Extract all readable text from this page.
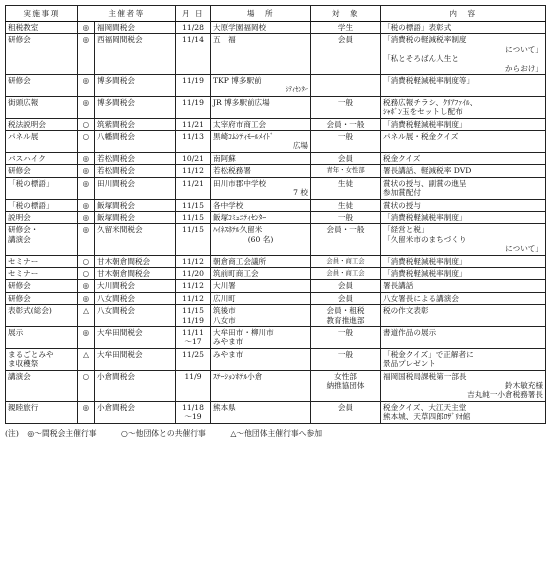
実施事項	主催者等		月 日	場　所	対　象	内　容

租税教室	◎	福岡間税会	11/28	大原学園福岡校	学生	「税の標語」表彰式

研修会	◎	西福岡間税会	11/14	五　福	会員	「消費税の軽減税率制度
について」
「私とそろばん人生と
からおけ」

研修会	◎	博多間税会	11/19	TKP 博多駅前
ｼﾃｨｾﾝﾀｰ		「消費税軽減税率制度等」

街頭広報	◎	博多間税会	11/19	JR 博多駅前広場	一般	税務広報チラシ、ｸﾘｱﾌｧｲﾙ、
ｼｬﾎﾞﾝ玉をセットし配布

税法説明会	○	筑紫間税会	11/21	太宰府市商工会	会員・一般	「消費税軽減税率制度」

パネル展	○	八幡間税会	11/13	黒崎ｺﾑｼﾃｨﾓｰﾙﾒｲﾄﾞ
広場	一般	パネル展・税金クイズ

バスハイク	◎	若松間税会	10/21	南阿蘇	会員	税金クイズ

研修会	◎	若松間税会	11/12	若松税務署	青年・女性部	署長講話、軽減税率 DVD

「税の標語」	◎	田川間税会	11/21	田川市郡中学校
7 校	生徒	賞状の授与、副賞の進呈
参加賞配付

「税の標語」	◎	飯塚間税会	11/15	各中学校	生徒	賞状の授与

説明会	◎	飯塚間税会	11/15	飯塚ｺﾐｭﾆﾃｨｾﾝﾀｰ	一般	「消費税軽減税率制度」

研修会・
講演会	◎	久留米間税会	11/15	ﾊｲﾈｽﾎﾃﾙ久留米
(60 名)	会員・一般	「経営と税」
「久留米市のまちづくり
について」

セミナー	○	甘木朝倉間税会	11/12	朝倉商工会議所	会員・商工会	「消費税軽減税率制度」

セミナー	○	甘木朝倉間税会	11/20	筑前町商工会	会員・商工会	「消費税軽減税率制度」

研修会	◎	大川間税会	11/12	大川署	会員	署長講話

研修会	◎	八女間税会	11/12	広川町	会員	八女署長による講演会

表彰式(総会)	△	八女間税会	11/15
11/19	筑後市
八女市	会員・租税
教育推進部	税の作文表彰

展示	◎	大牟田間税会	11/11
～17	大牟田市・柳川市
みやま市	一般	書道作品の展示

まるごとみや
ま収穫祭	△	大牟田間税会	11/25	みやま市	一般	「税金クイズ」で正解者に
景品プレゼント

講演会	○	小倉間税会	11/9	ｽﾃｰｼｮﾝﾎﾃﾙ小倉	女性部
納推協団体	福岡国税局課税第一部長
鈴木敏充様
吉丸純一小倉税務署長

親睦旅行	◎	小倉間税会	11/18
～19	熊本県	会員	税金クイズ、大江天主堂
熊本城、天草四郎ﾛｻﾞﾘｵ館
(注) ◎～間税会主催行事	○～他団体との共催行事	△～他団体主催行事へ参加
